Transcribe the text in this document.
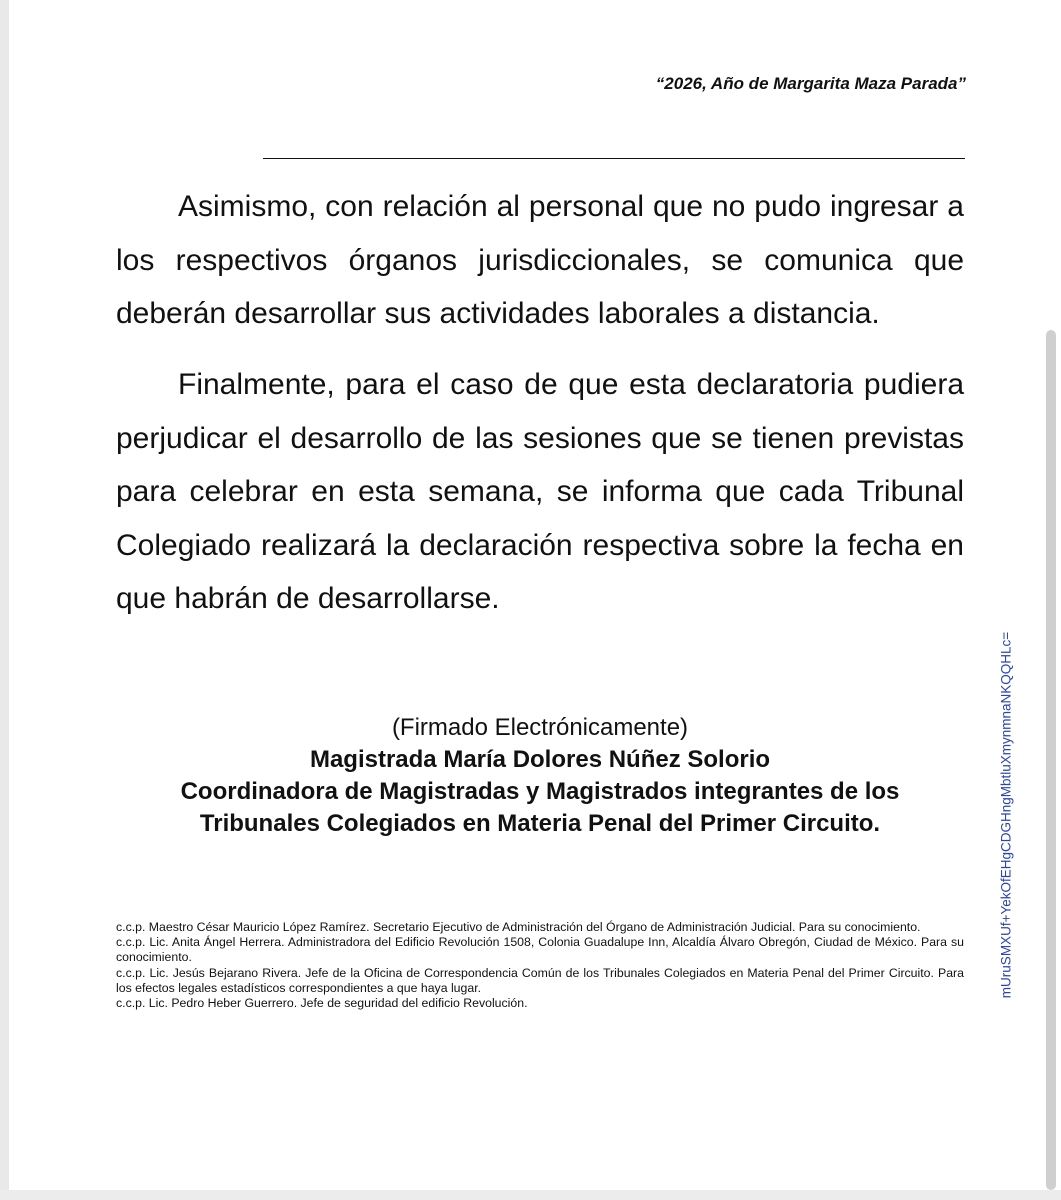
“2026, Año de Margarita Maza Parada”

Asimismo, con relación al personal que no pudo ingresar a los respectivos órganos jurisdiccionales, se comunica que deberán desarrollar sus actividades laborales a distancia.

Finalmente, para el caso de que esta declaratoria pudiera perjudicar el desarrollo de las sesiones que se tienen previstas para celebrar en esta semana, se informa que cada Tribunal Colegiado realizará la declaración respectiva sobre la fecha en que habrán de desarrollarse.

(Firmado Electrónicamente)
Magistrada María Dolores Núñez Solorio
Coordinadora de Magistradas y Magistrados integrantes de los
Tribunales Colegiados en Materia Penal del Primer Circuito.

c.c.p. Maestro César Mauricio López Ramírez. Secretario Ejecutivo de Administración del Órgano de Administración Judicial. Para su conocimiento.

c.c.p. Lic. Anita Ángel Herrera. Administradora del Edificio Revolución 1508, Colonia Guadalupe Inn, Alcaldía Álvaro Obregón, Ciudad de México. Para su conocimiento.

c.c.p. Lic. Jesús Bejarano Rivera. Jefe de la Oficina de Correspondencia Común de los Tribunales Colegiados en Materia Penal del Primer Circuito. Para los efectos legales estadísticos correspondientes a que haya lugar.

c.c.p. Lic. Pedro Heber Guerrero. Jefe de seguridad del edificio Revolución.

mUruSMXUf+YekOfEHgCDGHngMbtluXmynmnaNKQQHLc=
